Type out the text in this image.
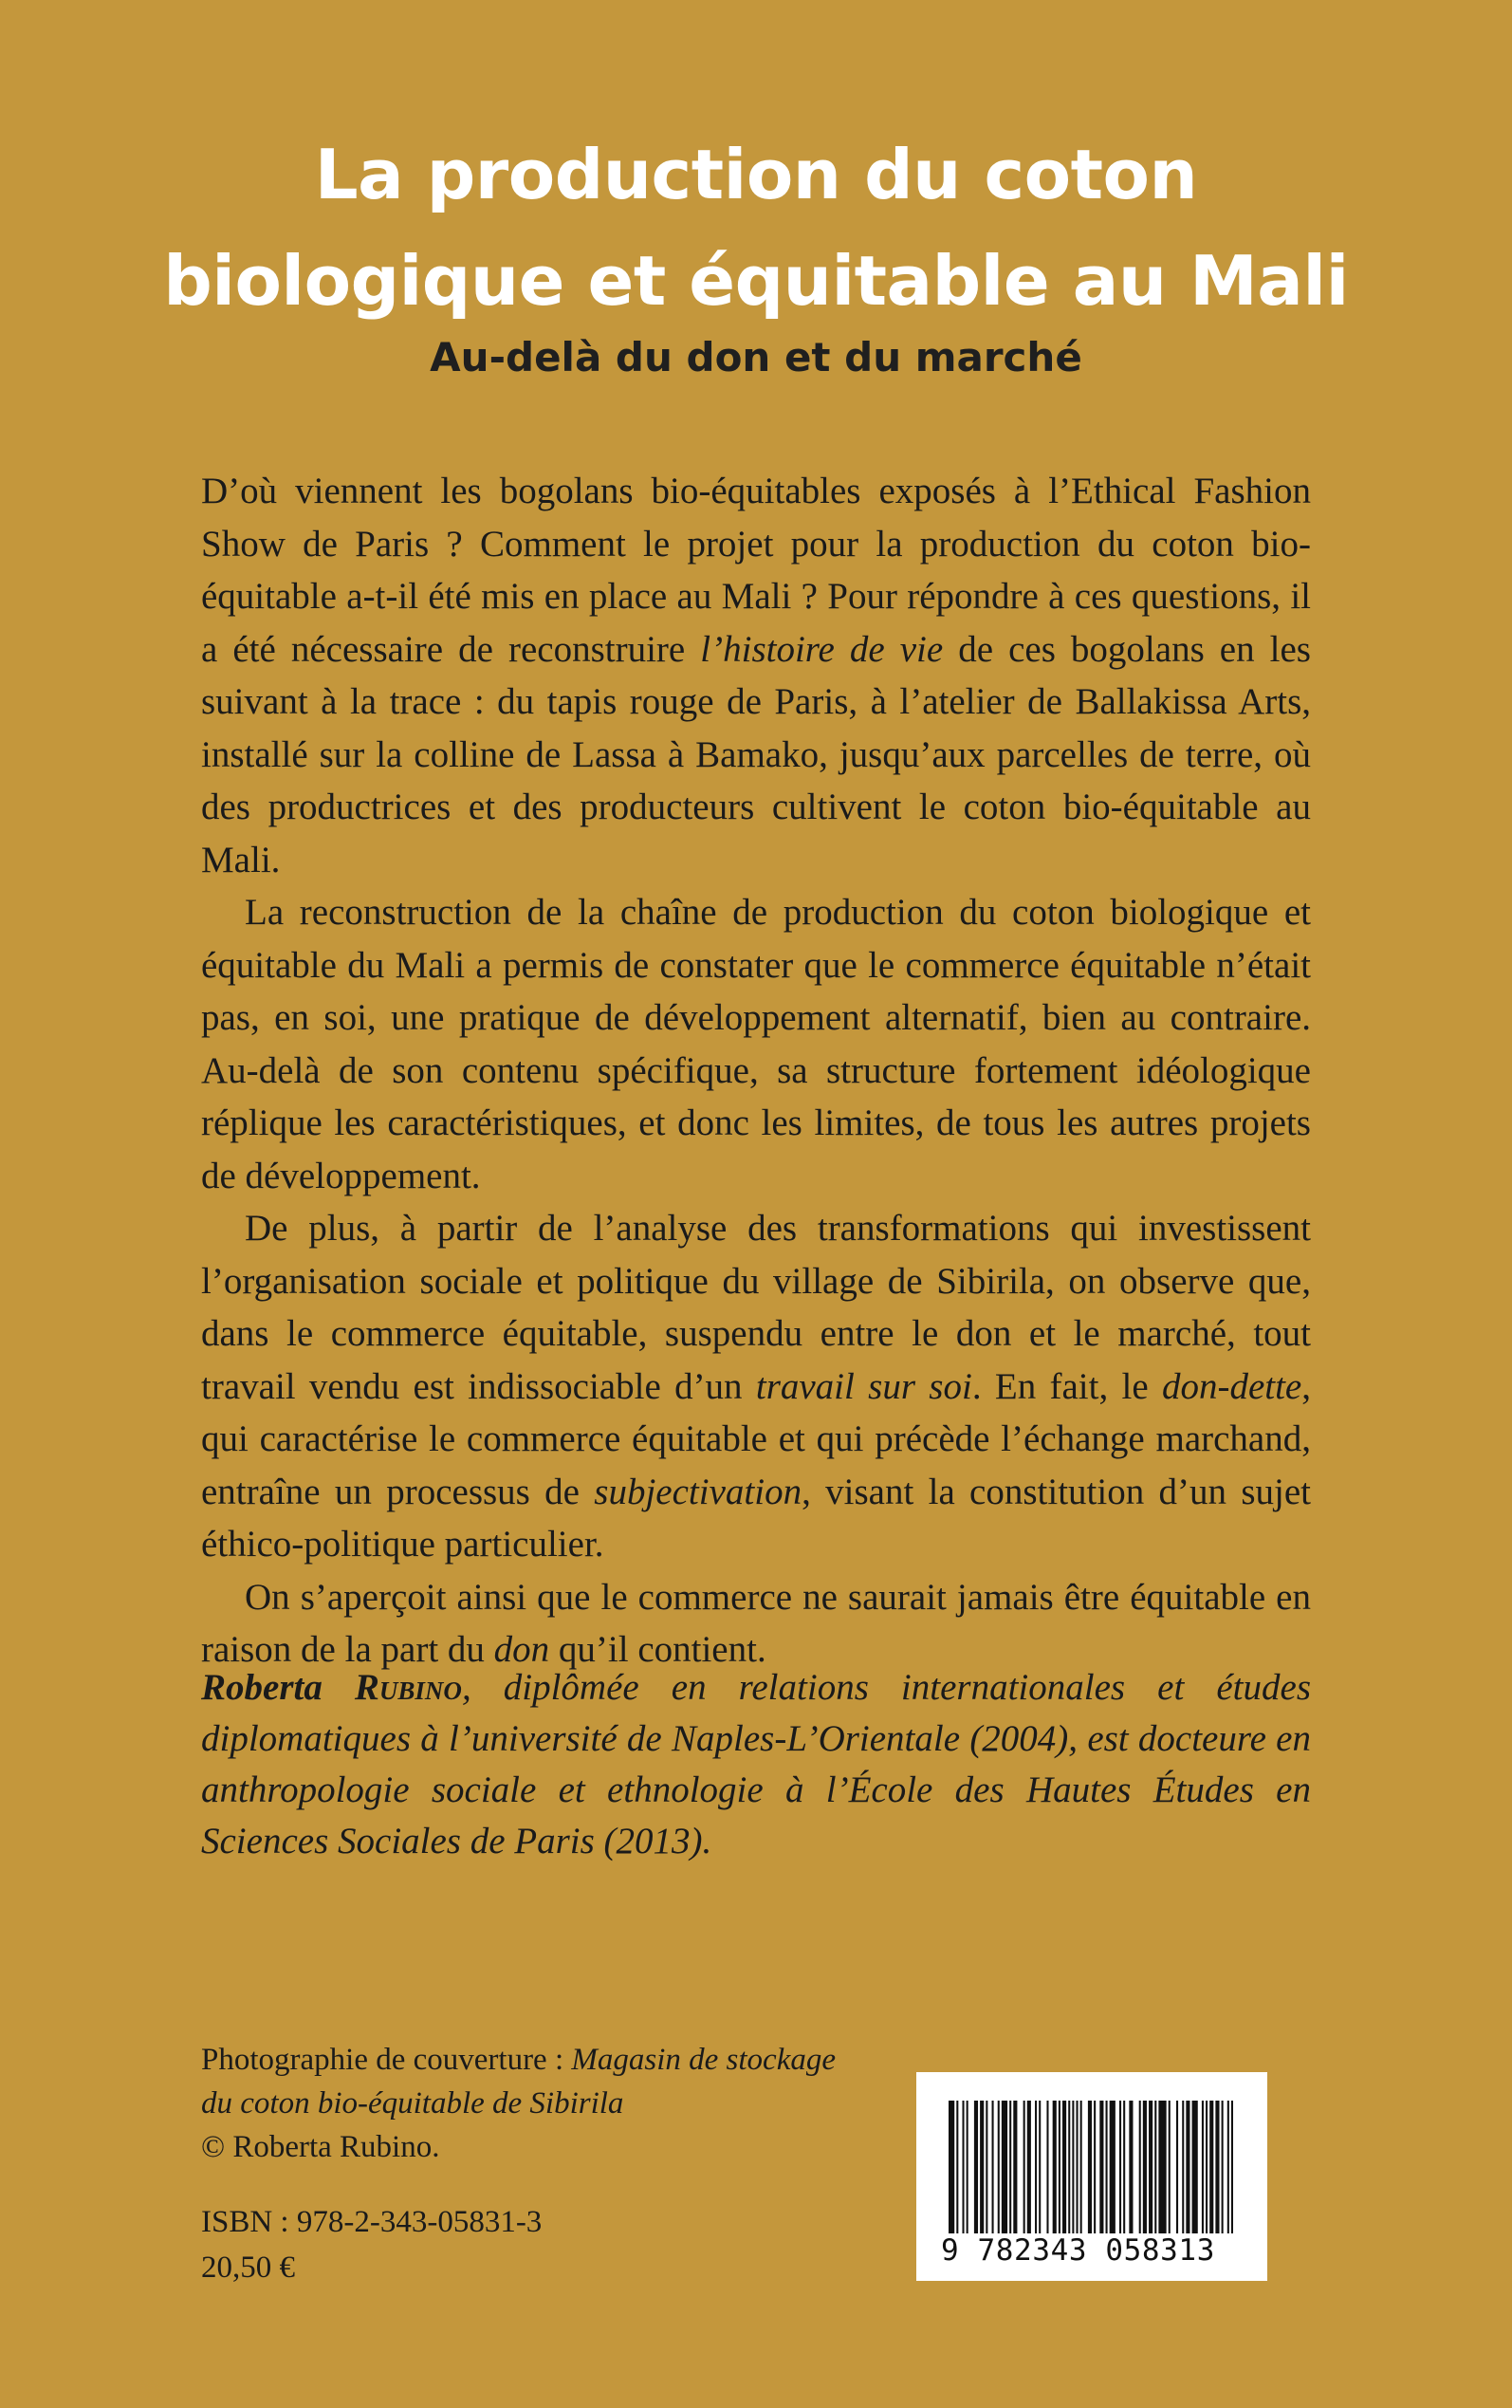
La production du coton
biologique et équitable au Mali
Au-delà du don et du marché

D’où viennent les bogolans bio-équitables exposés à l’Ethical Fashion Show de Paris ? Comment le projet pour la production du coton bio-équitable a-t-il été mis en place au Mali ? Pour répondre à ces questions, il a été nécessaire de reconstruire l’histoire de vie de ces bogolans en les suivant à la trace : du tapis rouge de Paris, à l’atelier de Ballakissa Arts, installé sur la colline de Lassa à Bamako, jusqu’aux parcelles de terre, où des productrices et des producteurs cultivent le coton bio-équitable au Mali.

La reconstruction de la chaîne de production du coton biologique et équitable du Mali a permis de constater que le commerce équitable n’était pas, en soi, une pratique de développement alternatif, bien au contraire. Au-delà de son contenu spécifique, sa structure fortement idéologique réplique les caractéristiques, et donc les limites, de tous les autres projets de développement.

De plus, à partir de l’analyse des transformations qui investissent l’organisation sociale et politique du village de Sibirila, on observe que, dans le commerce équitable, suspendu entre le don et le marché, tout travail vendu est indissociable d’un travail sur soi. En fait, le don-dette, qui caractérise le commerce équitable et qui précède l’échange marchand, entraîne un processus de subjectivation, visant la constitution d’un sujet éthico-politique particulier.

On s’aperçoit ainsi que le commerce ne saurait jamais être équitable en raison de la part du don qu’il contient.

Roberta Rubino, diplômée en relations internationales et études diplomatiques à l’université de Naples-L’Orientale (2004), est docteure en anthropologie sociale et ethnologie à l’École des Hautes Études en Sciences Sociales de Paris (2013).

Photographie de couverture : Magasin de stockage du coton bio-équitable de Sibirila
© Roberta Rubino.

ISBN : 978-2-343-05831-3
20,50 €	9 782343 058313
